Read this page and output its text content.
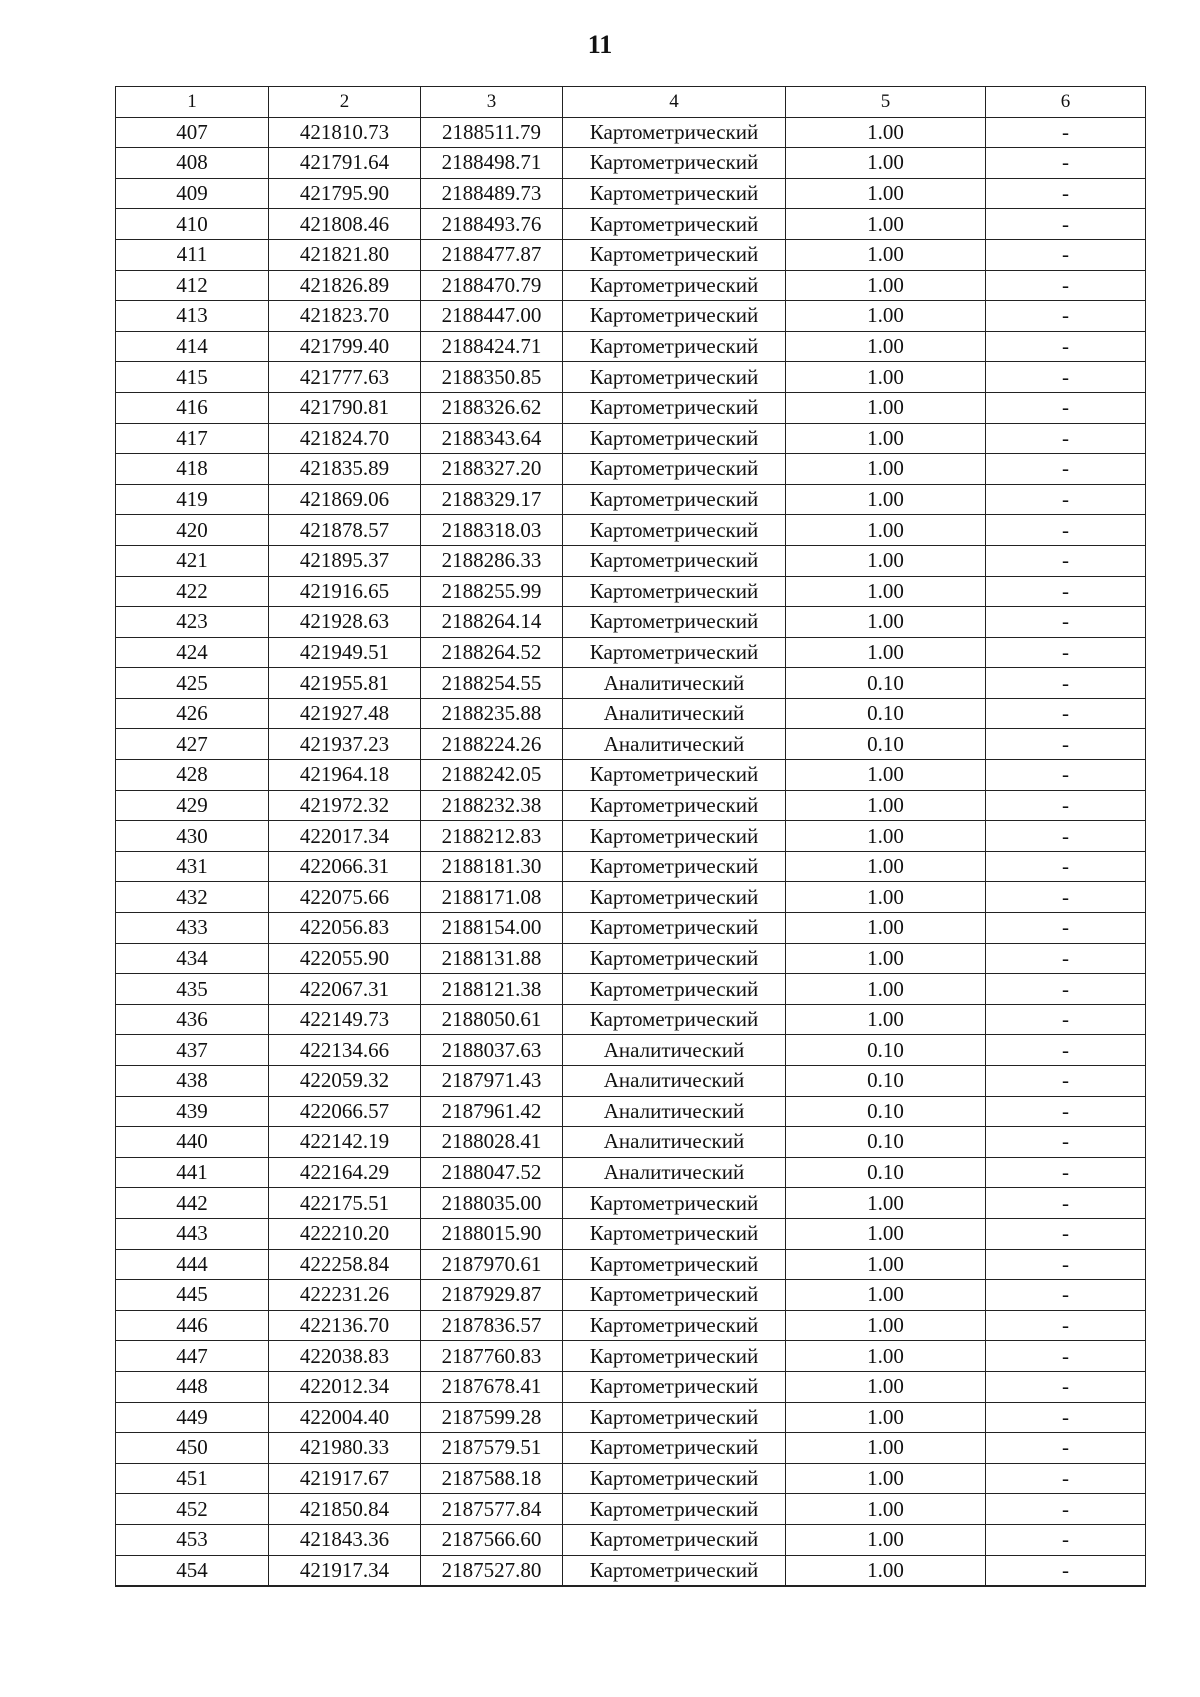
11
1	2	3	4	5	6
407	421810.73	2188511.79	Картометрический	1.00	-
408	421791.64	2188498.71	Картометрический	1.00	-
409	421795.90	2188489.73	Картометрический	1.00	-
410	421808.46	2188493.76	Картометрический	1.00	-
411	421821.80	2188477.87	Картометрический	1.00	-
412	421826.89	2188470.79	Картометрический	1.00	-
413	421823.70	2188447.00	Картометрический	1.00	-
414	421799.40	2188424.71	Картометрический	1.00	-
415	421777.63	2188350.85	Картометрический	1.00	-
416	421790.81	2188326.62	Картометрический	1.00	-
417	421824.70	2188343.64	Картометрический	1.00	-
418	421835.89	2188327.20	Картометрический	1.00	-
419	421869.06	2188329.17	Картометрический	1.00	-
420	421878.57	2188318.03	Картометрический	1.00	-
421	421895.37	2188286.33	Картометрический	1.00	-
422	421916.65	2188255.99	Картометрический	1.00	-
423	421928.63	2188264.14	Картометрический	1.00	-
424	421949.51	2188264.52	Картометрический	1.00	-
425	421955.81	2188254.55	Аналитический	0.10	-
426	421927.48	2188235.88	Аналитический	0.10	-
427	421937.23	2188224.26	Аналитический	0.10	-
428	421964.18	2188242.05	Картометрический	1.00	-
429	421972.32	2188232.38	Картометрический	1.00	-
430	422017.34	2188212.83	Картометрический	1.00	-
431	422066.31	2188181.30	Картометрический	1.00	-
432	422075.66	2188171.08	Картометрический	1.00	-
433	422056.83	2188154.00	Картометрический	1.00	-
434	422055.90	2188131.88	Картометрический	1.00	-
435	422067.31	2188121.38	Картометрический	1.00	-
436	422149.73	2188050.61	Картометрический	1.00	-
437	422134.66	2188037.63	Аналитический	0.10	-
438	422059.32	2187971.43	Аналитический	0.10	-
439	422066.57	2187961.42	Аналитический	0.10	-
440	422142.19	2188028.41	Аналитический	0.10	-
441	422164.29	2188047.52	Аналитический	0.10	-
442	422175.51	2188035.00	Картометрический	1.00	-
443	422210.20	2188015.90	Картометрический	1.00	-
444	422258.84	2187970.61	Картометрический	1.00	-
445	422231.26	2187929.87	Картометрический	1.00	-
446	422136.70	2187836.57	Картометрический	1.00	-
447	422038.83	2187760.83	Картометрический	1.00	-
448	422012.34	2187678.41	Картометрический	1.00	-
449	422004.40	2187599.28	Картометрический	1.00	-
450	421980.33	2187579.51	Картометрический	1.00	-
451	421917.67	2187588.18	Картометрический	1.00	-
452	421850.84	2187577.84	Картометрический	1.00	-
453	421843.36	2187566.60	Картометрический	1.00	-
454	421917.34	2187527.80	Картометрический	1.00	-
